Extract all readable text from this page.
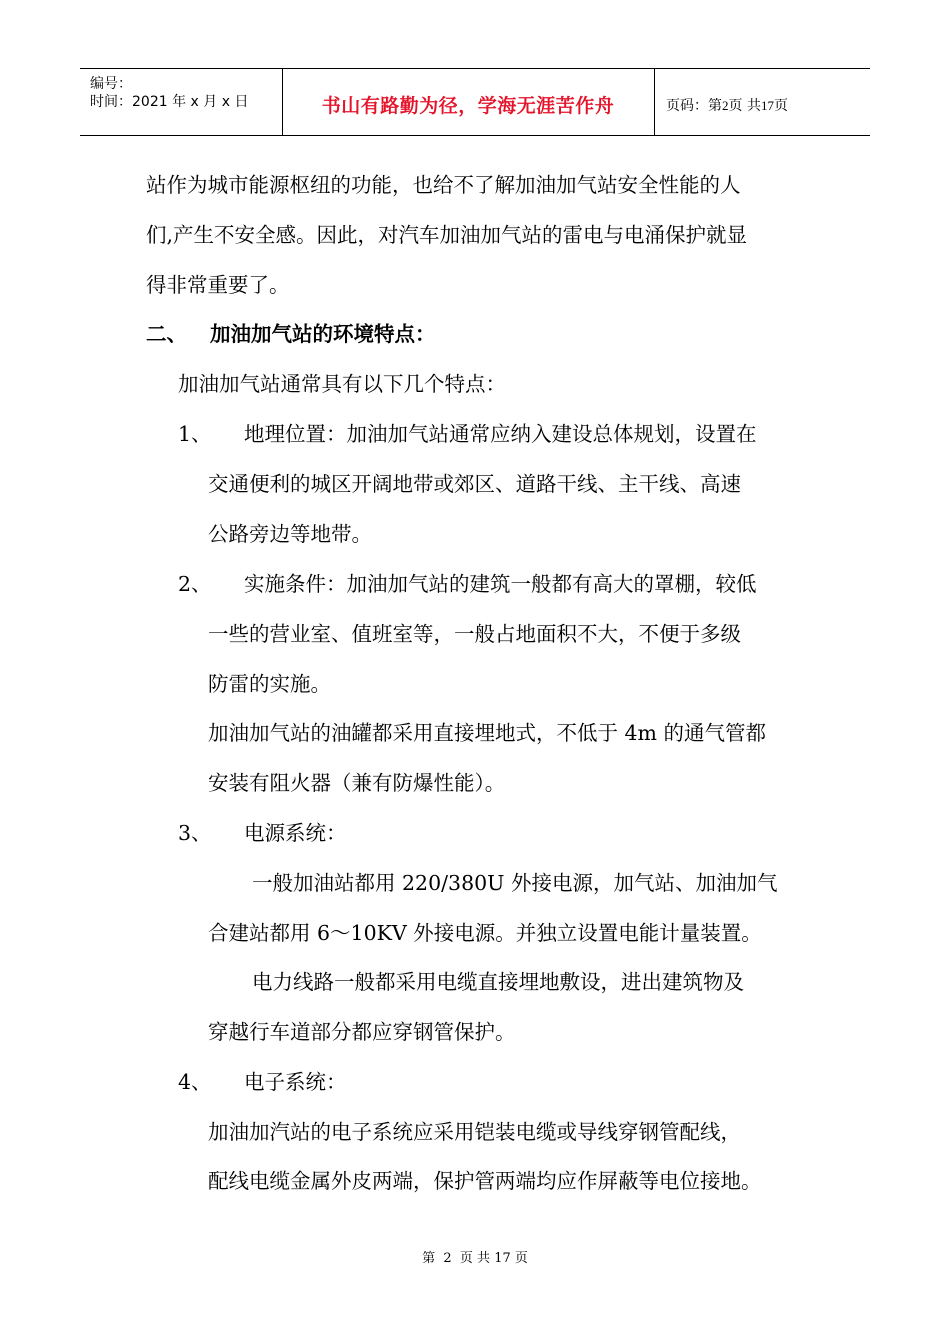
编号：
时间：2021 年 x 月 x 日	书山有路勤为径，学海无涯苦作舟	页码：第2页 共17页
站作为城市能源枢纽的功能，也给不了解加油加气站安全性能的人
们,产生不安全感。因此，对汽车加油加气站的雷电与电涌保护就显
得非常重要了。
二、 加油加气站的环境特点：
加油加气站通常具有以下几个特点：
1、 地理位置：加油加气站通常应纳入建设总体规划，设置在
交通便利的城区开阔地带或郊区、道路干线、主干线、高速
公路旁边等地带。
2、 实施条件：加油加气站的建筑一般都有高大的罩棚，较低
一些的营业室、值班室等，一般占地面积不大，不便于多级
防雷的实施。
加油加气站的油罐都采用直接埋地式，不低于 4m 的通气管都
安装有阻火器（兼有防爆性能）。
3、 电源系统：
一般加油站都用 220/380U 外接电源，加气站、加油加气
合建站都用 6～10KV 外接电源。并独立设置电能计量装置。
电力线路一般都采用电缆直接埋地敷设，进出建筑物及
穿越行车道部分都应穿钢管保护。
4、 电子系统：
加油加汽站的电子系统应采用铠装电缆或导线穿钢管配线，
配线电缆金属外皮两端，保护管两端均应作屏蔽等电位接地。
第 2 页 共 17 页
